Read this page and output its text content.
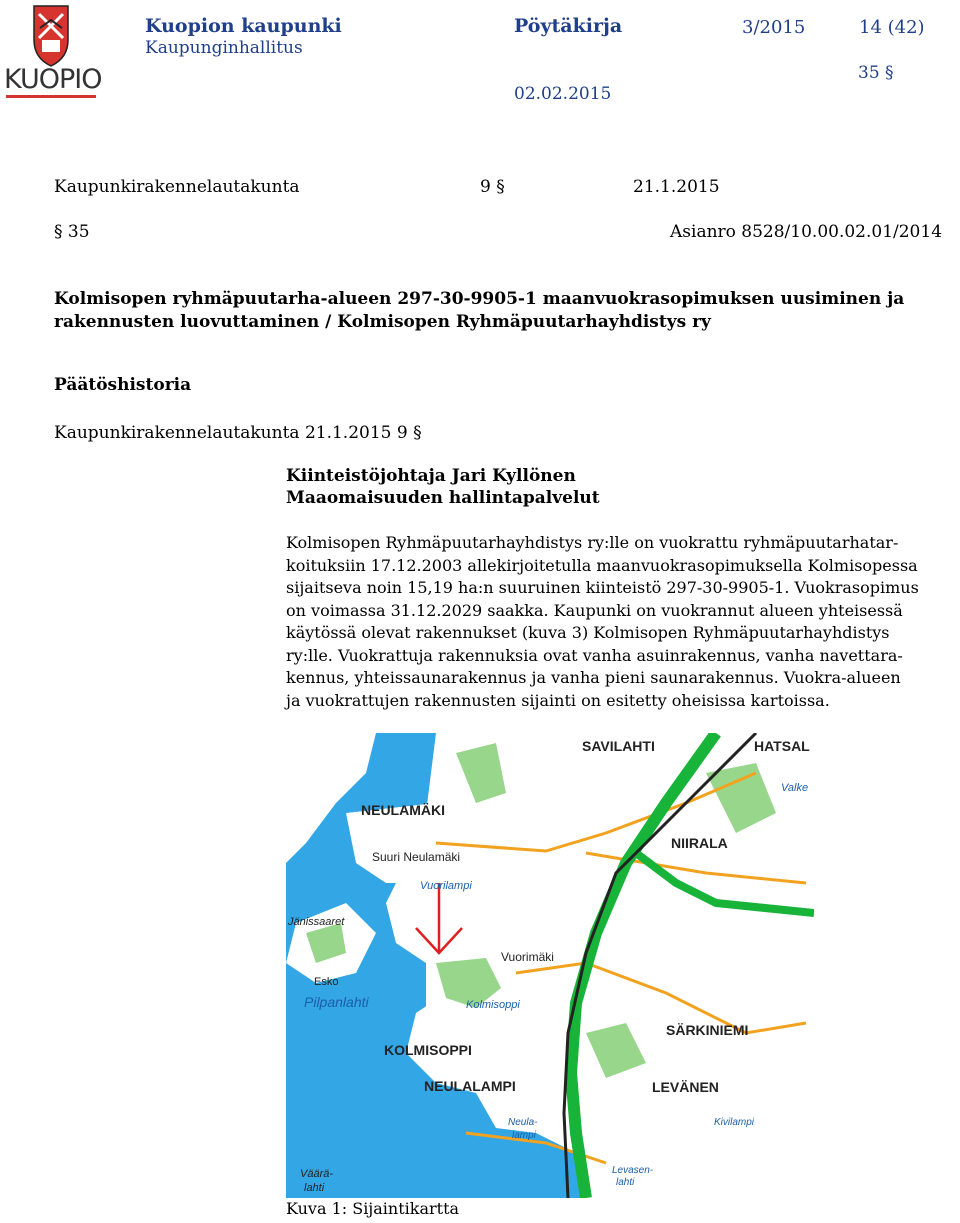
KUOPIO
Kuopion kaupunki
Kaupunginhallitus
Pöytäkirja	3/2015	14 (42)
35 §
02.02.2015
Kaupunkirakennelautakunta	9 §	21.1.2015
§ 35	Asianro 8528/10.00.02.01/2014
Kolmisopen ryhmäpuutarha-alueen 297-30-9905-1 maanvuokrasopimuksen uusiminen ja
rakennusten luovuttaminen / Kolmisopen Ryhmäpuutarhayhdistys ry
Päätöshistoria
Kaupunkirakennelautakunta 21.1.2015 9 §
Kiinteistöjohtaja Jari Kyllönen
Maaomaisuuden hallintapalvelut
Kolmisopen Ryhmäpuutarhayhdistys ry:lle on vuokrattu ryhmäpuutarhatar-
koituksiin 17.12.2003 allekirjoitetulla maanvuokrasopimuksella Kolmisopessa
sijaitseva noin 15,19 ha:n suuruinen kiinteistö 297-30-9905-1. Vuokrasopimus
on voimassa 31.12.2029 saakka. Kaupunki on vuokrannut alueen yhteisessä
käytössä olevat rakennukset (kuva 3) Kolmisopen Ryhmäpuutarhayhdistys
ry:lle. Vuokrattuja rakennuksia ovat vanha asuinrakennus, vanha navettara-
kennus, yhteissaunarakennus ja vanha pieni saunarakennus. Vuokra-alueen
ja vuokrattujen rakennusten sijainti on esitetty oheisissa kartoissa.
SAVILAHTI	HATSAL
Valke
NEULAMÄKI
Suuri Neulamäki
Vuorilampi
NIIRALA
Jänissaaret
Vuorimäki
Esko
Pilpanlahti	Kolmisoppi
KOLMISOPPI
SÄRKINIEMI
NEULALAMPI	LEVÄNEN
Neula-
lampi
Kivilampi
Väärä-
lahti
Levasen-
lahti
Kuva 1: Sijaintikartta
